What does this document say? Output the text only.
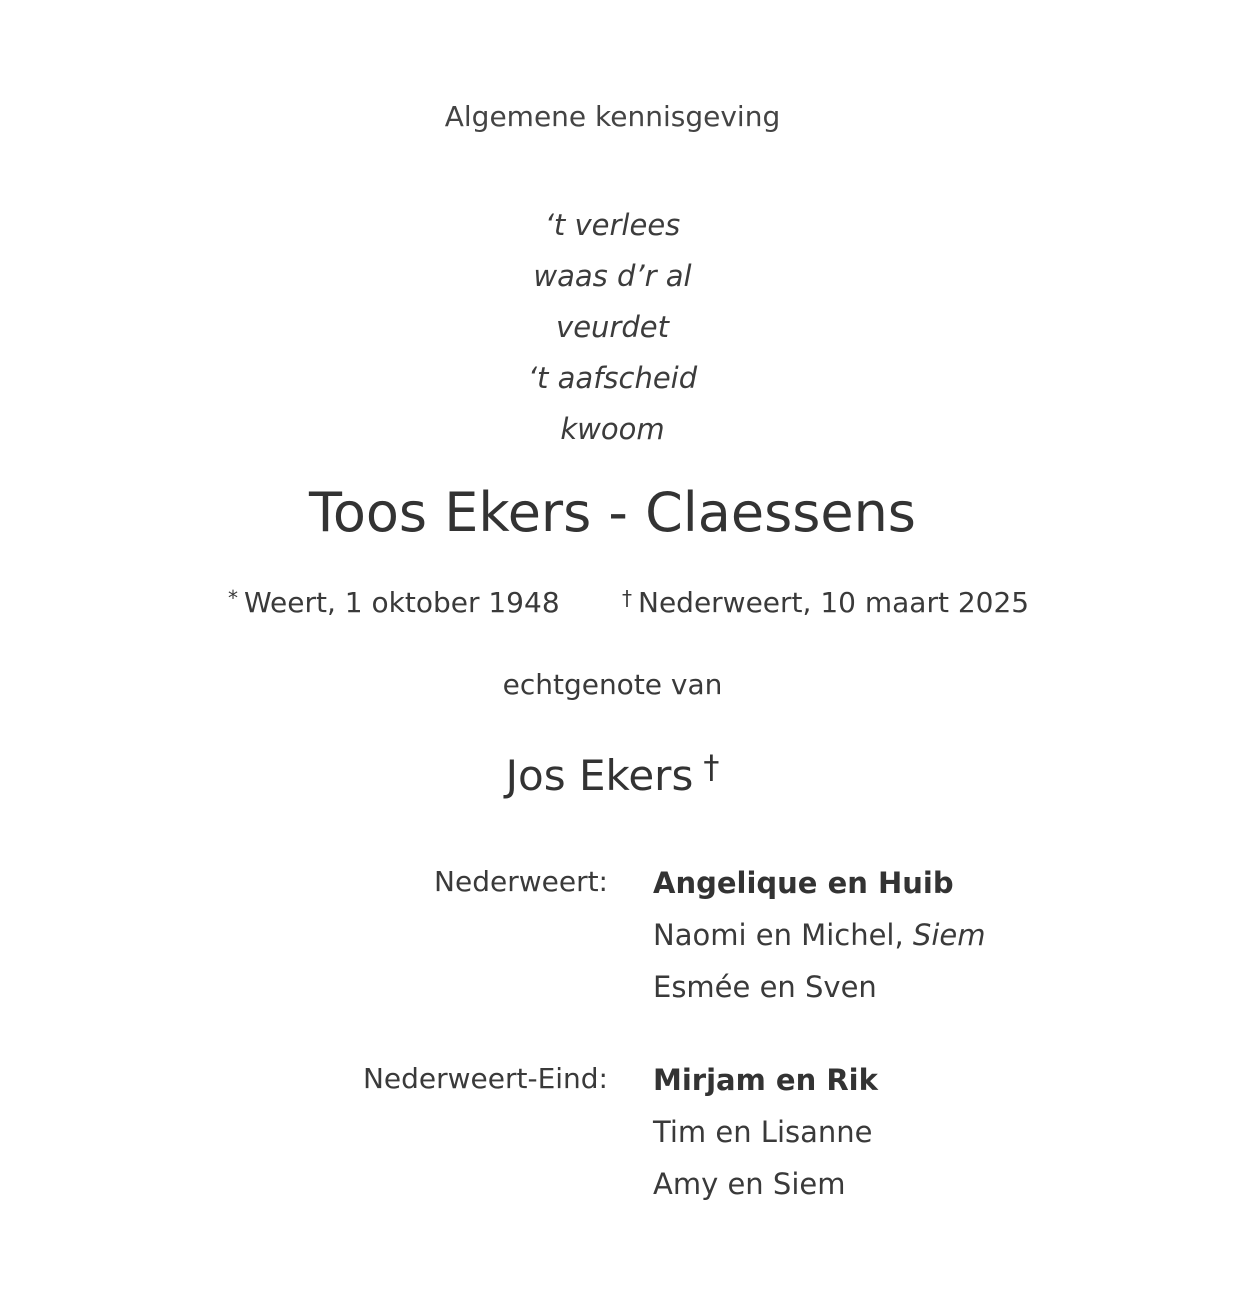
Algemene kennisgeving
‘t verlees
waas d’r al
veurdet
‘t aafscheid
kwoom
Toos Ekers - Claessens
* Weert, 1 oktober 1948	† Nederweert, 10 maart 2025
echtgenote van
Jos Ekers †
Nederweert: Angelique en Huib
Naomi en Michel, Siem
Esmée en Sven
Nederweert-Eind: Mirjam en Rik
Tim en Lisanne
Amy en Siem
